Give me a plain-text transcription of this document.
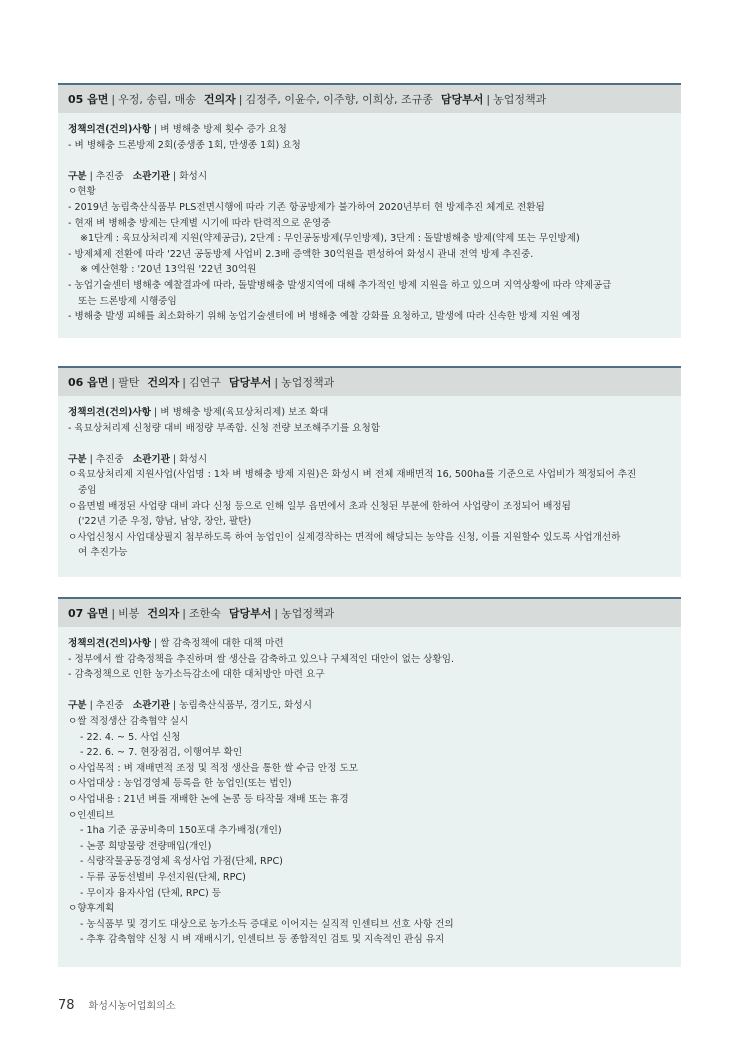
05 읍면 | 우정, 송림, 매송 건의자 | 김정주, 이윤수, 이주향, 이희상, 조규종 담당부서 | 농업정책과
정책의견(건의)사항 | 벼 병해충 방제 횟수 증가 요청
- 벼 병해충 드론방제 2회(중생종 1회, 만생종 1회) 요청
구분 | 추진중 소관기관 | 화성시
ㅇ현황
- 2019년 농림축산식품부 PLS전면시행에 따라 기존 항공방제가 불가하여 2020년부터 현 방제추진 체계로 전환됨
- 현재 벼 병해충 방제는 단계별 시기에 따라 탄력적으로 운영중
※1단계 : 육묘상처리제 지원(약제공급), 2단계 : 무인공동방제(무인방제), 3단계 : 돌발병해충 방제(약제 또는 무인방제)
- 방제체제 전환에 따라 '22년 공동방제 사업비 2.3배 증액한 30억원을 편성하여 화성시 관내 전역 방제 추진중.
※ 예산현황 : '20년 13억원 '22년 30억원
- 농업기술센터 병해충 예찰결과에 따라, 돌발병해충 발생지역에 대해 추가적인 방제 지원을 하고 있으며 지역상황에 따라 약제공급
또는 드론방제 시행중임
- 병해충 발생 피해를 최소화하기 위해 농업기술센터에 벼 병해충 예찰 강화를 요청하고, 발생에 따라 신속한 방제 지원 예정
06 읍면 | 팔탄 건의자 | 김연구 담당부서 | 농업정책과
정책의견(건의)사항 | 벼 병해충 방제(육묘상처리제) 보조 확대
- 육묘상처리제 신청량 대비 배정량 부족함. 신청 전량 보조해주기를 요청함
구분 | 추진중 소관기관 | 화성시
ㅇ육묘상처리제 지원사업(사업명 : 1차 벼 병해충 방제 지원)은 화성시 벼 전체 재배면적 16, 500ha를 기준으로 사업비가 책정되어 추진
중임
ㅇ읍면별 배정된 사업량 대비 과다 신청 등으로 인해 일부 읍면에서 초과 신청된 부분에 한하여 사업량이 조정되어 배정됨
('22년 기준 우정, 향남, 남양, 장안, 팔탄)
ㅇ사업신청시 사업대상필지 첨부하도록 하여 농업인이 실제경작하는 면적에 해당되는 농약을 신청, 이를 지원할수 있도록 사업개선하
여 추진가능
07 읍면 | 비봉 건의자 | 조한숙 담당부서 | 농업정책과
정책의견(건의)사항 | 쌀 감축정책에 대한 대책 마련
- 정부에서 쌀 감축정책을 추진하며 쌀 생산을 감축하고 있으나 구체적인 대안이 없는 상황임.
- 감축정책으로 인한 농가소득감소에 대한 대처방안 마련 요구
구분 | 추진중 소관기관 | 농림축산식품부, 경기도, 화성시
ㅇ쌀 적정생산 감축협약 실시
- 22. 4. ~ 5. 사업 신청
- 22. 6. ~ 7. 현장점검, 이행여부 확인
ㅇ사업목적 : 벼 재배면적 조정 및 적정 생산을 통한 쌀 수급 안정 도모
ㅇ사업대상 : 농업경영체 등록을 한 농업인(또는 법인)
ㅇ사업내용 : 21년 벼를 재배한 논에 논콩 등 타작물 재배 또는 휴경
ㅇ인센티브
- 1ha 기준 공공비축미 150포대 추가배정(개인)
- 논콩 희망물량 전량매입(개인)
- 식량작물공동경영체 육성사업 가점(단체, RPC)
- 두류 공동선별비 우선지원(단체, RPC)
- 무이자 융자사업 (단체, RPC) 등
ㅇ향후계획
- 농식품부 및 경기도 대상으로 농가소득 증대로 이어지는 실직적 인센티브 선호 사항 건의
- 추후 감축협약 신청 시 벼 재배시기, 인센티브 등 종합적인 검토 및 지속적인 관심 유지
78 화성시농어업회의소
